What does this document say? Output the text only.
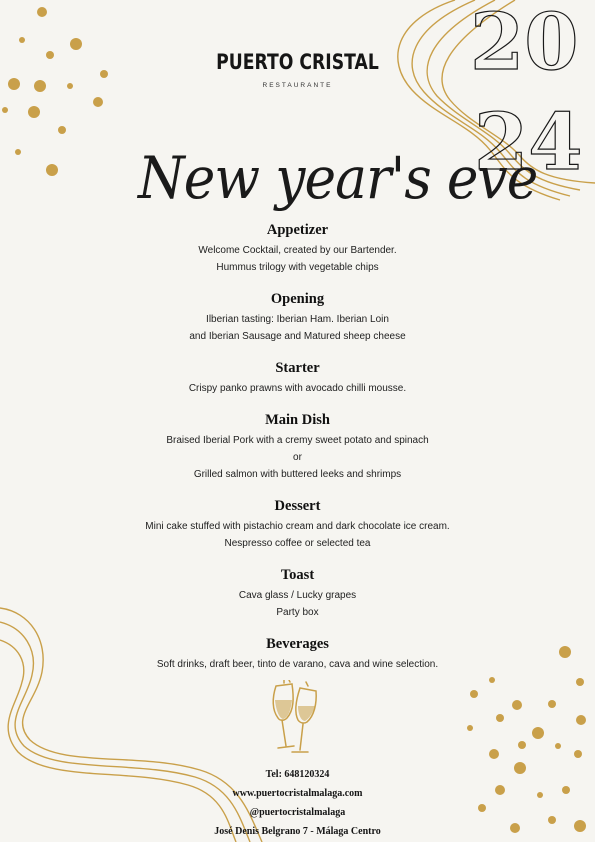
PUERTO CRISTAL
RESTAURANTE	20
24
New year's eve
Appetizer

Welcome Cocktail, created by our Bartender.

Hummus trilogy with vegetable chips

Opening

Ilberian tasting: Iberian Ham. Iberian Loin

and Iberian Sausage and Matured sheep cheese

Starter

Crispy panko prawns with avocado chilli mousse.

Main Dish

Braised Iberial Pork with a cremy sweet potato and spinach

or

Grilled salmon with buttered leeks and shrimps

Dessert

Mini cake stuffed with pistachio cream and dark chocolate ice cream.

Nespresso coffee or selected tea

Toast

Cava glass / Lucky grapes

Party box

Beverages

Soft drinks, draft beer, tinto de varano, cava and wine selection.

Tel: 648120324
www.puertocristalmalaga.com
@puertocristalmalaga
José Denis Belgrano 7 - Málaga Centro
